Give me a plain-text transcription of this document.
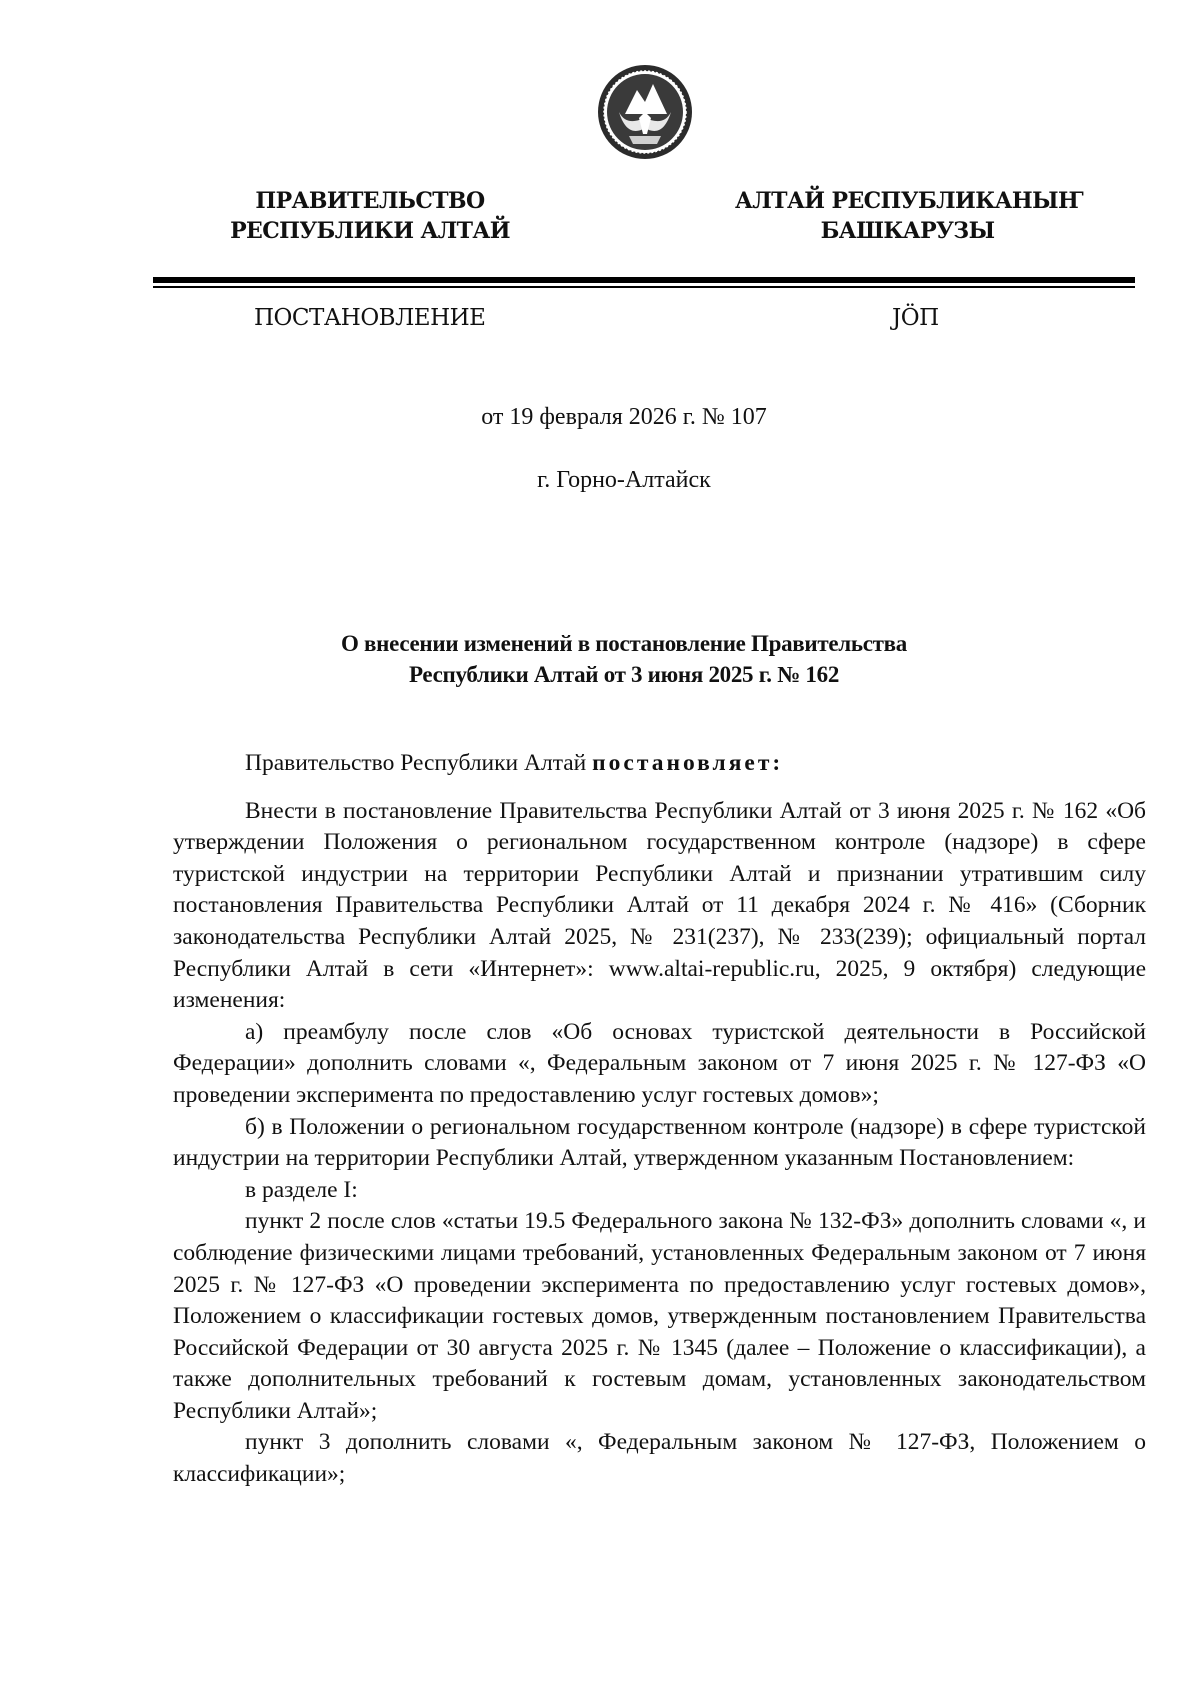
ПРАВИТЕЛЬСТВО
РЕСПУБЛИКИ АЛТАЙ
АЛТАЙ РЕСПУБЛИКАНЫҤ
БАШКАРУЗЫ
ПОСТАНОВЛЕНИЕ	ЈӦП
от 19 февраля 2026 г. № 107
г. Горно-Алтайск
О внесении изменений в постановление Правительства
Республики Алтай от 3 июня 2025 г. № 162

Правительство Республики Алтай постановляет:

Внести в постановление Правительства Республики Алтай от 3 июня 2025 г. № 162 «Об утверждении Положения о региональном государственном контроле (надзоре) в сфере туристской индустрии на территории Республики Алтай и признании утратившим силу постановления Правительства Республики Алтай от 11 декабря 2024 г. № 416» (Сборник законодательства Республики Алтай 2025, № 231(237), № 233(239); официальный портал Республики Алтай в сети «Интернет»: www.altai-republic.ru, 2025, 9 октября) следующие изменения:

а) преамбулу после слов «Об основах туристской деятельности в Российской Федерации» дополнить словами «, Федеральным законом от 7 июня 2025 г. № 127-ФЗ «О проведении эксперимента по предоставлению услуг гостевых домов»;

б) в Положении о региональном государственном контроле (надзоре) в сфере туристской индустрии на территории Республики Алтай, утвержденном указанным Постановлением:

в разделе I:

пункт 2 после слов «статьи 19.5 Федерального закона № 132-ФЗ» дополнить словами «, и соблюдение физическими лицами требований, установленных Федеральным законом от 7 июня 2025 г. № 127-ФЗ «О проведении эксперимента по предоставлению услуг гостевых домов», Положением о классификации гостевых домов, утвержденным постановлением Правительства Российской Федерации от 30 августа 2025 г. № 1345 (далее – Положение о классификации), а также дополнительных требований к гостевым домам, установленных законодательством Республики Алтай»;

пункт 3 дополнить словами «, Федеральным законом № 127-ФЗ, Положением о классификации»;
